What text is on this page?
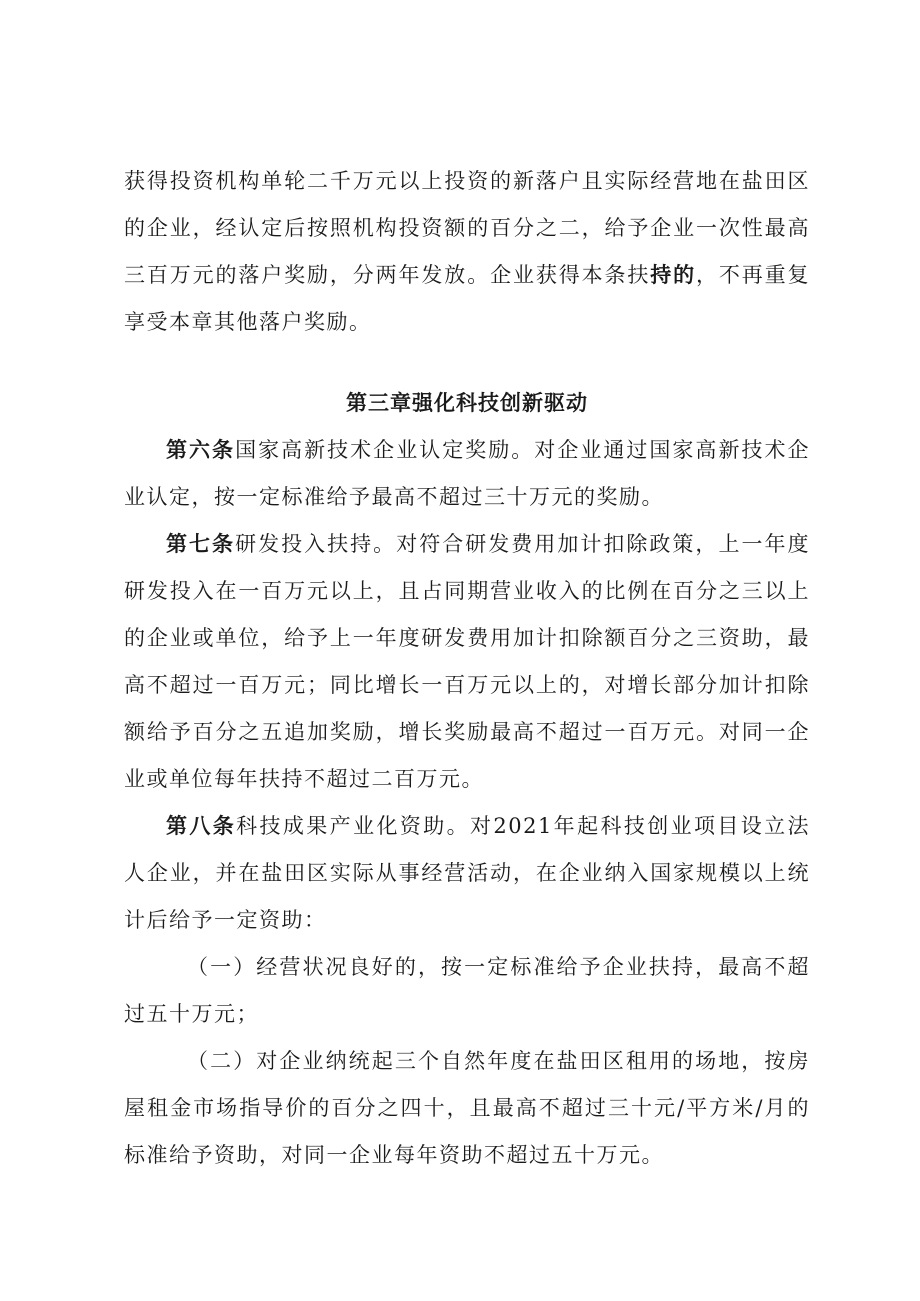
获得投资机构单轮二千万元以上投资的新落户且实际经营地在盐田区的企业，经认定后按照机构投资额的百分之二，给予企业一次性最高三百万元的落户奖励，分两年发放。企业获得本条扶持的，不再重复享受本章其他落户奖励。

第三章强化科技创新驱动

第六条国家高新技术企业认定奖励。对企业通过国家高新技术企业认定，按一定标准给予最高不超过三十万元的奖励。

第七条研发投入扶持。对符合研发费用加计扣除政策，上一年度研发投入在一百万元以上，且占同期营业收入的比例在百分之三以上的企业或单位，给予上一年度研发费用加计扣除额百分之三资助，最高不超过一百万元；同比增长一百万元以上的，对增长部分加计扣除额给予百分之五追加奖励，增长奖励最高不超过一百万元。对同一企业或单位每年扶持不超过二百万元。

第八条科技成果产业化资助。对2021年起科技创业项目设立法人企业，并在盐田区实际从事经营活动，在企业纳入国家规模以上统计后给予一定资助：

（一）经营状况良好的，按一定标准给予企业扶持，最高不超过五十万元；

（二）对企业纳统起三个自然年度在盐田区租用的场地，按房屋租金市场指导价的百分之四十，且最高不超过三十元/平方米/月的标准给予资助，对同一企业每年资助不超过五十万元。
